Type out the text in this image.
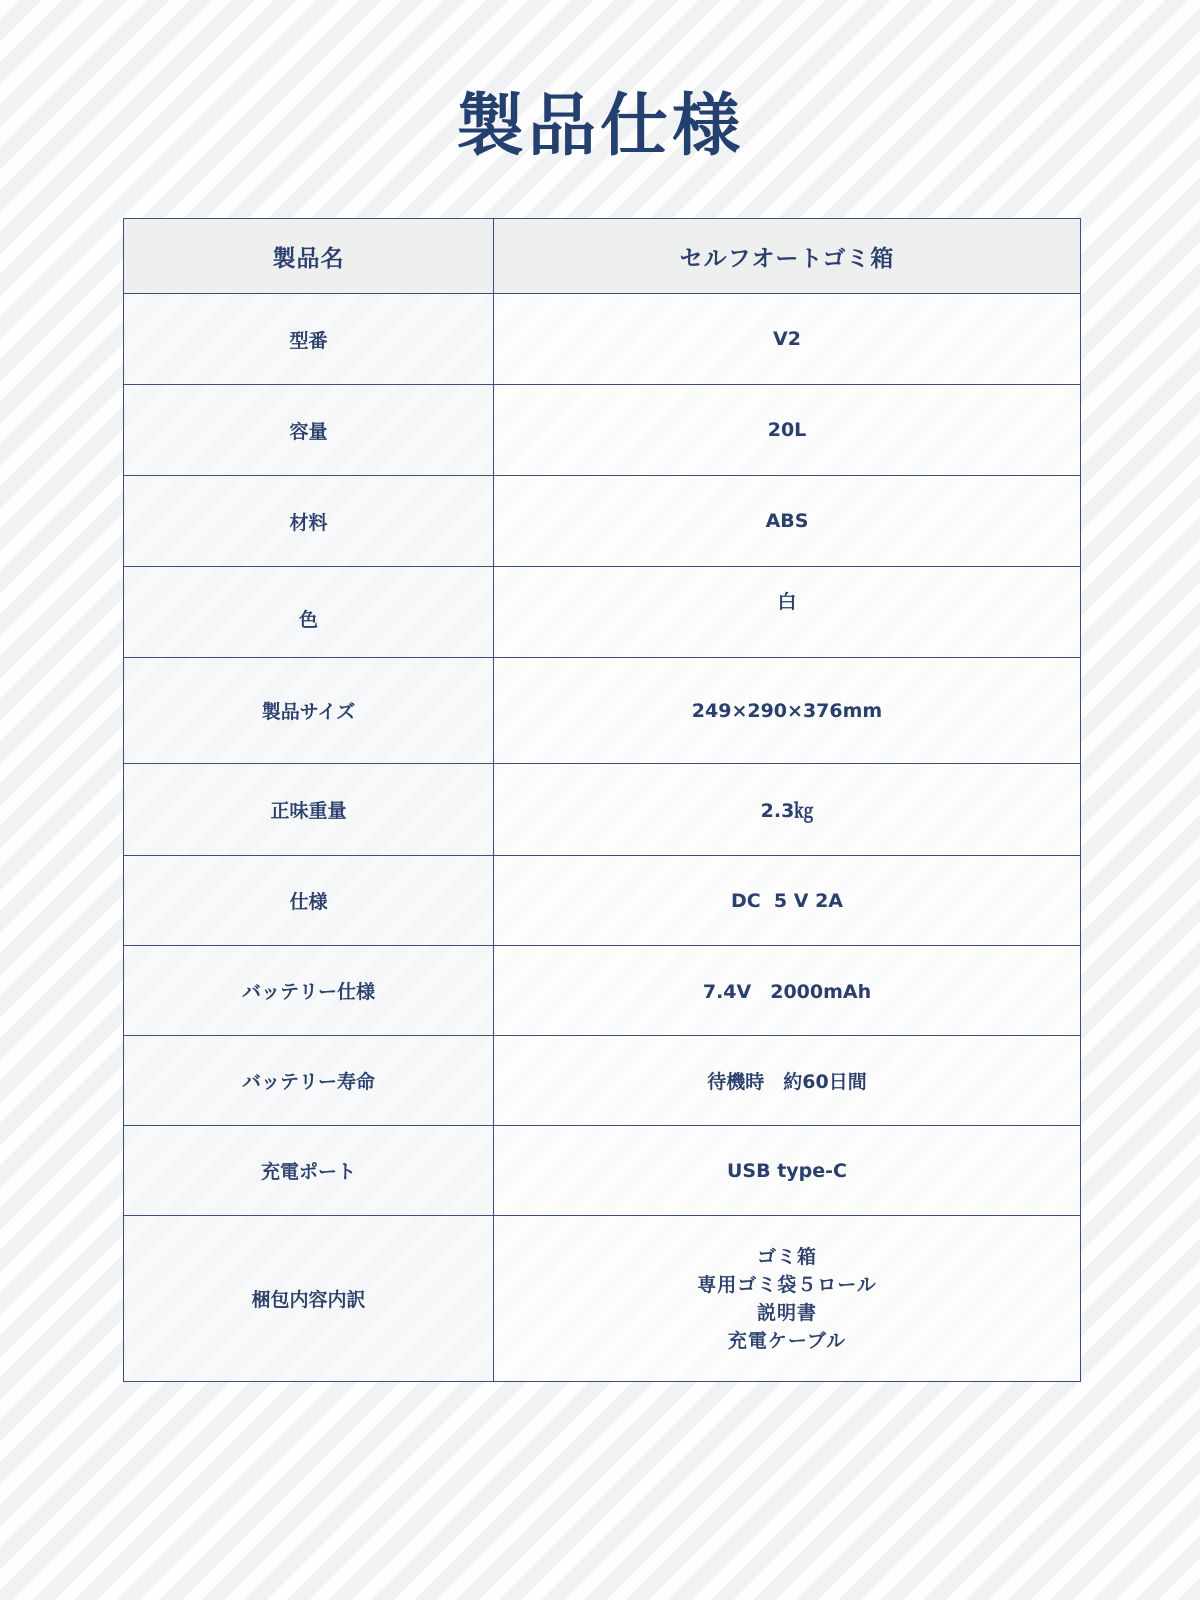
製品仕様
製品名	セルフオートゴミ箱
型番	V2
容量	20L
材料	ABS
色	白
製品サイズ	249×290×376mm
正味重量	2.3㎏
仕様	DC  5 V 2A
バッテリー仕様	7.4V　2000mAh
バッテリー寿命	待機時　約60日間
充電ポート	USB type-C
梱包内容内訳	ゴミ箱
専用ゴミ袋５ロール
説明書
充電ケーブル
